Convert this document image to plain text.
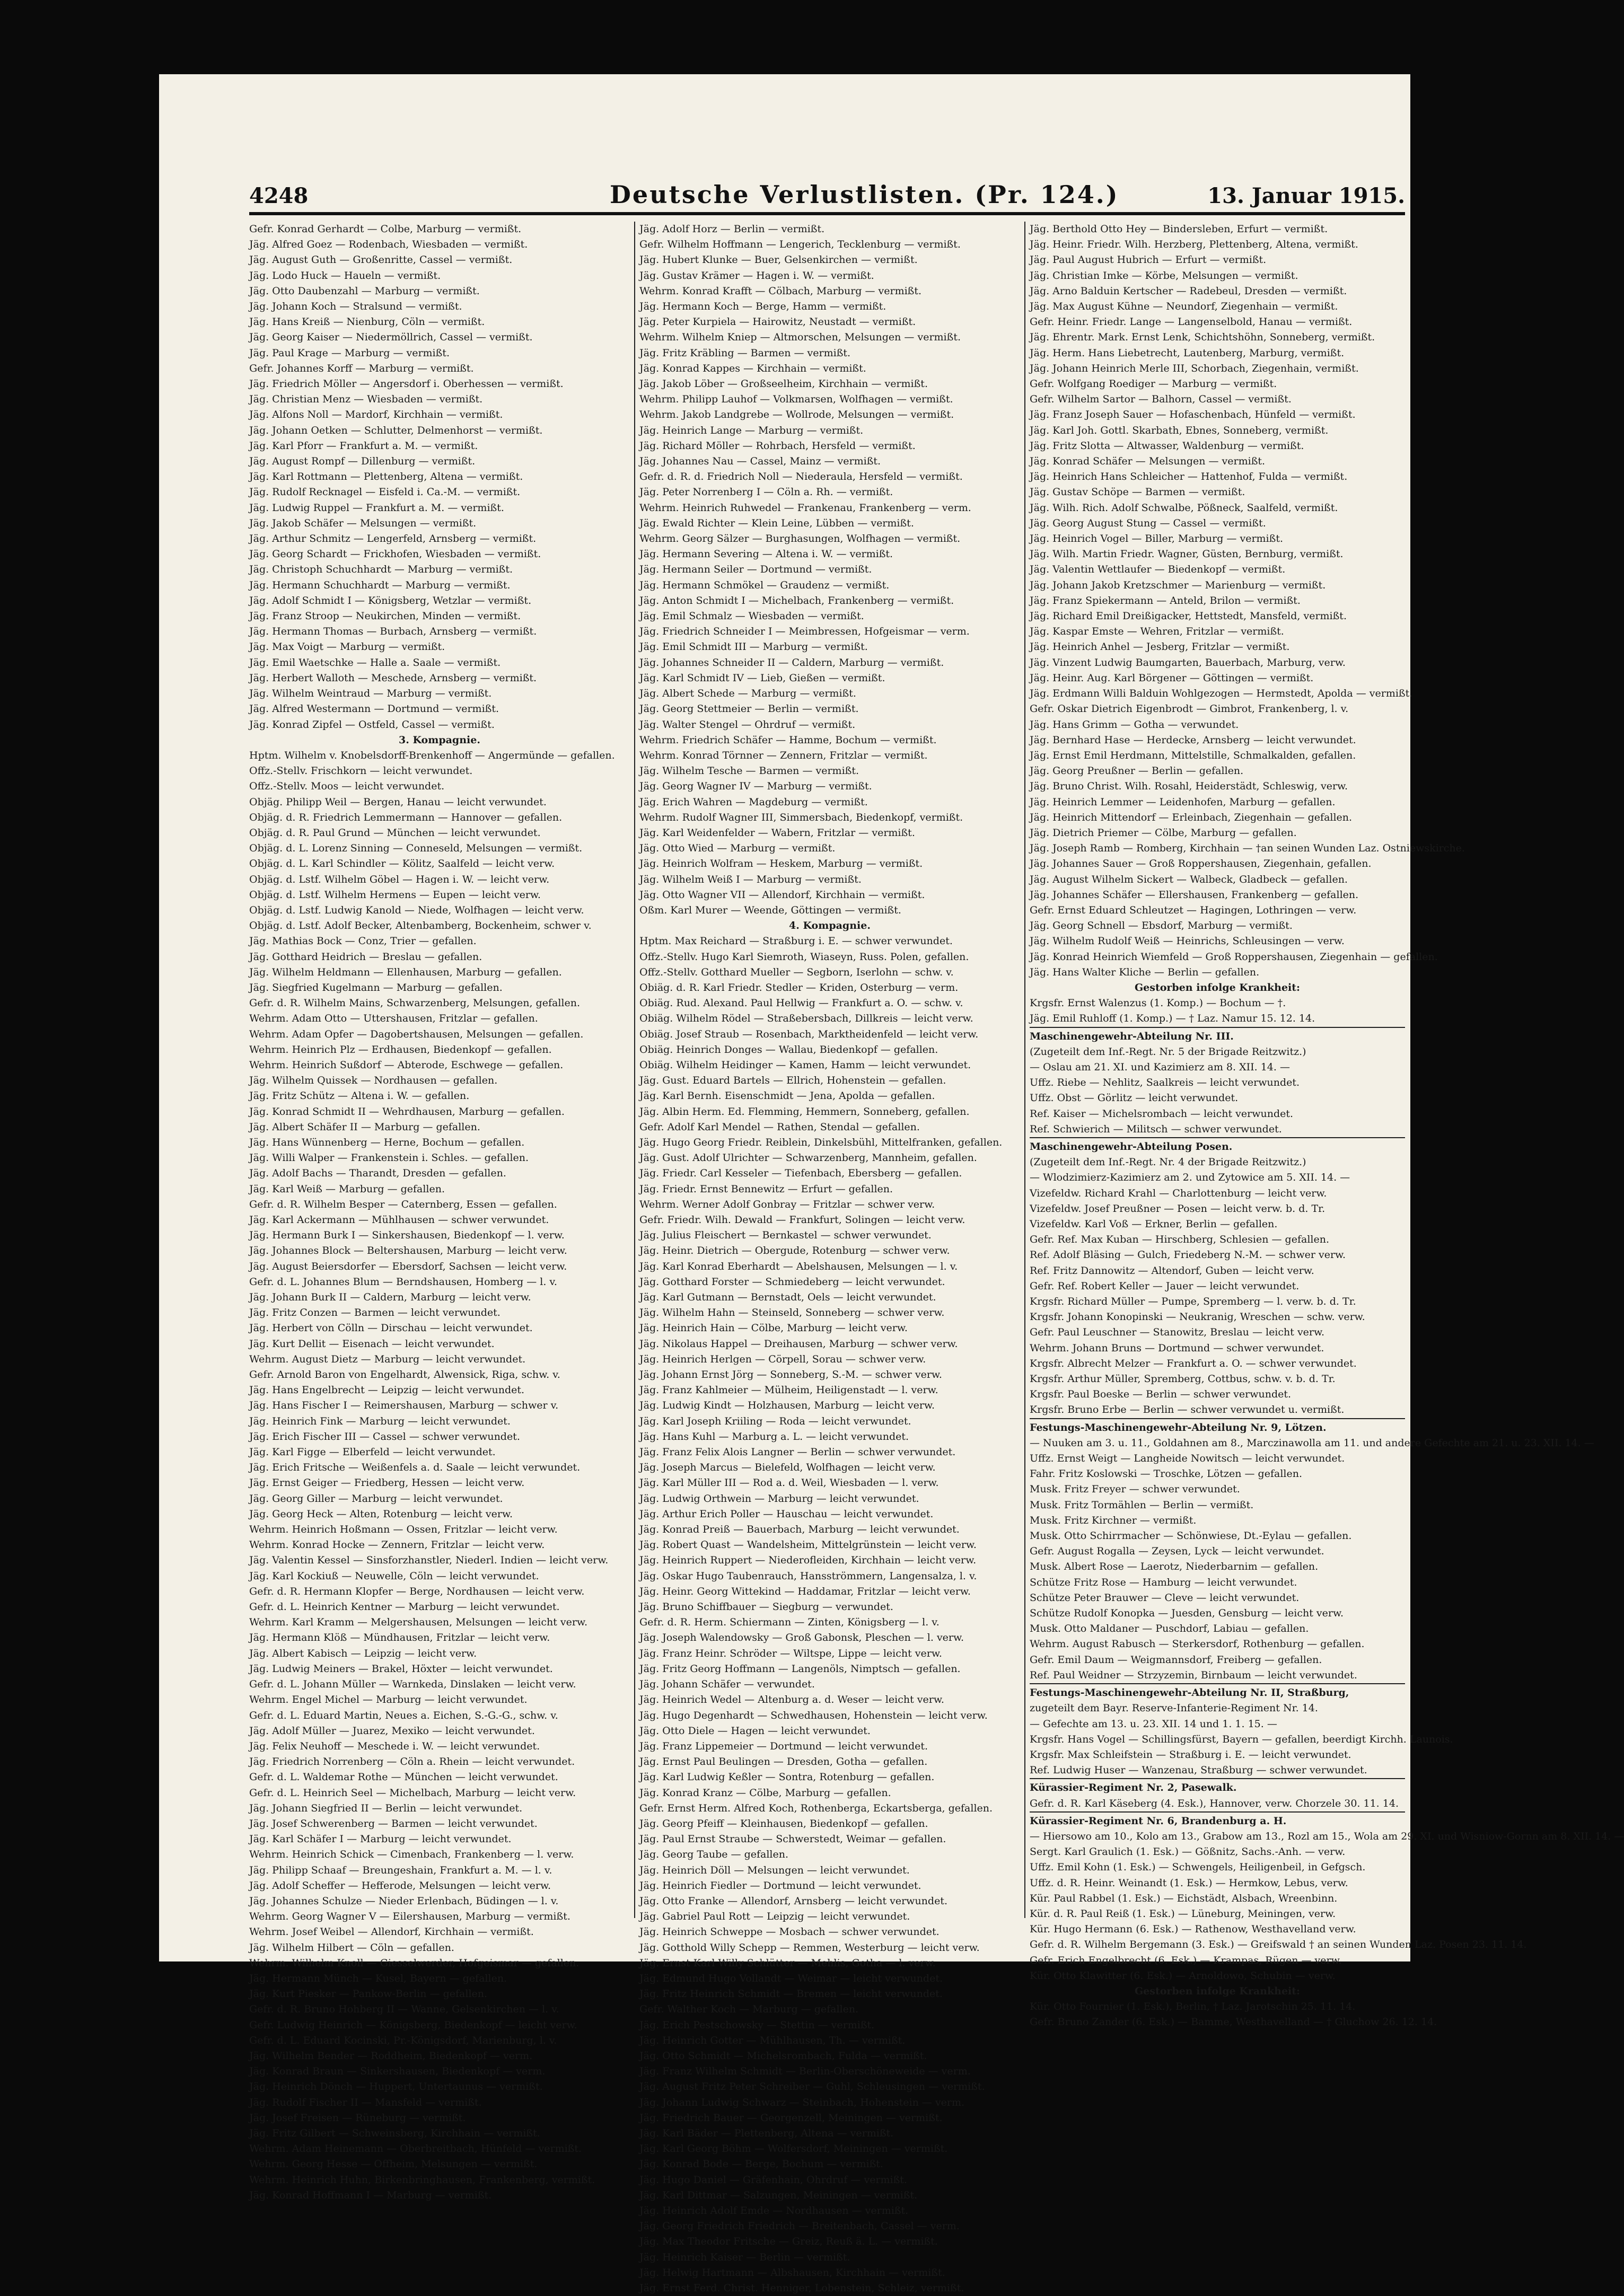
4248	Deutsche Verlustlisten. (Pr. 124.)	13. Januar 1915.
Gefr. Konrad Gerhardt — Colbe, Marburg — vermißt.
Jäg. Alfred Goez — Rodenbach, Wiesbaden — vermißt.
Jäg. August Guth — Großenritte, Cassel — vermißt.
Jäg. Lodo Huck — Haueln — vermißt.
Jäg. Otto Daubenzahl — Marburg — vermißt.
Jäg. Johann Koch — Stralsund — vermißt.
Jäg. Hans Kreiß — Nienburg, Cöln — vermißt.
Jäg. Georg Kaiser — Niedermöllrich, Cassel — vermißt.
Jäg. Paul Krage — Marburg — vermißt.
Gefr. Johannes Korff — Marburg — vermißt.
Jäg. Friedrich Möller — Angersdorf i. Oberhessen — vermißt.
Jäg. Christian Menz — Wiesbaden — vermißt.
Jäg. Alfons Noll — Mardorf, Kirchhain — vermißt.
Jäg. Johann Oetken — Schlutter, Delmenhorst — vermißt.
Jäg. Karl Pforr — Frankfurt a. M. — vermißt.
Jäg. August Rompf — Dillenburg — vermißt.
Jäg. Karl Rottmann — Plettenberg, Altena — vermißt.
Jäg. Rudolf Recknagel — Eisfeld i. Ca.-M. — vermißt.
Jäg. Ludwig Ruppel — Frankfurt a. M. — vermißt.
Jäg. Jakob Schäfer — Melsungen — vermißt.
Jäg. Arthur Schmitz — Lengerfeld, Arnsberg — vermißt.
Jäg. Georg Schardt — Frickhofen, Wiesbaden — vermißt.
Jäg. Christoph Schuchhardt — Marburg — vermißt.
Jäg. Hermann Schuchhardt — Marburg — vermißt.
Jäg. Adolf Schmidt I — Königsberg, Wetzlar — vermißt.
Jäg. Franz Stroop — Neukirchen, Minden — vermißt.
Jäg. Hermann Thomas — Burbach, Arnsberg — vermißt.
Jäg. Max Voigt — Marburg — vermißt.
Jäg. Emil Waetschke — Halle a. Saale — vermißt.
Jäg. Herbert Walloth — Meschede, Arnsberg — vermißt.
Jäg. Wilhelm Weintraud — Marburg — vermißt.
Jäg. Alfred Westermann — Dortmund — vermißt.
Jäg. Konrad Zipfel — Ostfeld, Cassel — vermißt.
3. Kompagnie.
Hptm. Wilhelm v. Knobelsdorff-Brenkenhoff — Angermünde — gefallen.
Offz.-Stellv. Frischkorn — leicht verwundet.
Offz.-Stellv. Moos — leicht verwundet.
Objäg. Philipp Weil — Bergen, Hanau — leicht verwundet.
Objäg. d. R. Friedrich Lemmermann — Hannover — gefallen.
Objäg. d. R. Paul Grund — München — leicht verwundet.
Objäg. d. L. Lorenz Sinning — Conneseld, Melsungen — vermißt.
Objäg. d. L. Karl Schindler — Kölitz, Saalfeld — leicht verw.
Objäg. d. Lstf. Wilhelm Göbel — Hagen i. W. — leicht verw.
Objäg. d. Lstf. Wilhelm Hermens — Eupen — leicht verw.
Objäg. d. Lstf. Ludwig Kanold — Niede, Wolfhagen — leicht verw.
Objäg. d. Lstf. Adolf Becker, Altenbamberg, Bockenheim, schwer v.
Jäg. Mathias Bock — Conz, Trier — gefallen.
Jäg. Gotthard Heidrich — Breslau — gefallen.
Jäg. Wilhelm Heldmann — Ellenhausen, Marburg — gefallen.
Jäg. Siegfried Kugelmann — Marburg — gefallen.
Gefr. d. R. Wilhelm Mains, Schwarzenberg, Melsungen, gefallen.
Wehrm. Adam Otto — Uttershausen, Fritzlar — gefallen.
Wehrm. Adam Opfer — Dagobertshausen, Melsungen — gefallen.
Wehrm. Heinrich Plz — Erdhausen, Biedenkopf — gefallen.
Wehrm. Heinrich Sußdorf — Abterode, Eschwege — gefallen.
Jäg. Wilhelm Quissek — Nordhausen — gefallen.
Jäg. Fritz Schütz — Altena i. W. — gefallen.
Jäg. Konrad Schmidt II — Wehrdhausen, Marburg — gefallen.
Jäg. Albert Schäfer II — Marburg — gefallen.
Jäg. Hans Wünnenberg — Herne, Bochum — gefallen.
Jäg. Willi Walper — Frankenstein i. Schles. — gefallen.
Jäg. Adolf Bachs — Tharandt, Dresden — gefallen.
Jäg. Karl Weiß — Marburg — gefallen.
Gefr. d. R. Wilhelm Besper — Caternberg, Essen — gefallen.
Jäg. Karl Ackermann — Mühlhausen — schwer verwundet.
Jäg. Hermann Burk I — Sinkershausen, Biedenkopf — l. verw.
Jäg. Johannes Block — Beltershausen, Marburg — leicht verw.
Jäg. August Beiersdorfer — Ebersdorf, Sachsen — leicht verw.
Gefr. d. L. Johannes Blum — Berndshausen, Homberg — l. v.
Jäg. Johann Burk II — Caldern, Marburg — leicht verw.
Jäg. Fritz Conzen — Barmen — leicht verwundet.
Jäg. Herbert von Cölln — Dirschau — leicht verwundet.
Jäg. Kurt Dellit — Eisenach — leicht verwundet.
Wehrm. August Dietz — Marburg — leicht verwundet.
Gefr. Arnold Baron von Engelhardt, Alwensick, Riga, schw. v.
Jäg. Hans Engelbrecht — Leipzig — leicht verwundet.
Jäg. Hans Fischer I — Reimershausen, Marburg — schwer v.
Jäg. Heinrich Fink — Marburg — leicht verwundet.
Jäg. Erich Fischer III — Cassel — schwer verwundet.
Jäg. Karl Figge — Elberfeld — leicht verwundet.
Jäg. Erich Fritsche — Weißenfels a. d. Saale — leicht verwundet.
Jäg. Ernst Geiger — Friedberg, Hessen — leicht verw.
Jäg. Georg Giller — Marburg — leicht verwundet.
Jäg. Georg Heck — Alten, Rotenburg — leicht verw.
Wehrm. Heinrich Hoßmann — Ossen, Fritzlar — leicht verw.
Wehrm. Konrad Hocke — Zennern, Fritzlar — leicht verw.
Jäg. Valentin Kessel — Sinsforzhanstler, Niederl. Indien — leicht verw.
Jäg. Karl Kockiuß — Neuwelle, Cöln — leicht verwundet.
Gefr. d. R. Hermann Klopfer — Berge, Nordhausen — leicht verw.
Gefr. d. L. Heinrich Kentner — Marburg — leicht verwundet.
Wehrm. Karl Kramm — Melgershausen, Melsungen — leicht verw.
Jäg. Hermann Klöß — Mündhausen, Fritzlar — leicht verw.
Jäg. Albert Kabisch — Leipzig — leicht verw.
Jäg. Ludwig Meiners — Brakel, Höxter — leicht verwundet.
Gefr. d. L. Johann Müller — Warnkeda, Dinslaken — leicht verw.
Wehrm. Engel Michel — Marburg — leicht verwundet.
Gefr. d. L. Eduard Martin, Neues a. Eichen, S.-G.-G., schw. v.
Jäg. Adolf Müller — Juarez, Mexiko — leicht verwundet.
Jäg. Felix Neuhoff — Meschede i. W. — leicht verwundet.
Jäg. Friedrich Norrenberg — Cöln a. Rhein — leicht verwundet.
Gefr. d. L. Waldemar Rothe — München — leicht verwundet.
Gefr. d. L. Heinrich Seel — Michelbach, Marburg — leicht verw.
Jäg. Johann Siegfried II — Berlin — leicht verwundet.
Jäg. Josef Schwerenberg — Barmen — leicht verwundet.
Jäg. Karl Schäfer I — Marburg — leicht verwundet.
Wehrm. Heinrich Schick — Cimenbach, Frankenberg — l. verw.
Jäg. Philipp Schaaf — Breungeshain, Frankfurt a. M. — l. v.
Jäg. Adolf Scheffer — Hefferode, Melsungen — leicht verw.
Jäg. Johannes Schulze — Nieder Erlenbach, Büdingen — l. v.
Wehrm. Georg Wagner V — Eilershausen, Marburg — vermißt.
Wehrm. Josef Weibel — Allendorf, Kirchhain — vermißt.
Jäg. Wilhelm Hilbert — Cöln — gefallen.
Wehrm. Wilhelm Knoll — Giesselwerder, Hofgeismar — gefallen.
Jäg. Hermann Münch — Kusel, Bayern — gefallen.
Jäg. Kurt Piesker — Pankow-Berlin — gefallen.
Gefr. d. R. Bruno Hohberg II — Wanne, Gelsenkirchen — l. v.
Gefr. Ludwig Heinrich — Königsberg, Biedenkopf — leicht verw.
Gefr. d. L. Eduard Kocinski, Pr.-Königsdorf, Marienburg, l. v.
Jäg. Wilhelm Bender — Roddheim, Biedenkopf — verm.
Jäg. Konrad Braun — Sinkershausen, Biedenkopf — verm.
Jäg. Heinrich Dönch — Huppert, Untertaunus — vermißt.
Jäg. Rudolf Fischer II — Mansfeld — vermißt.
Jäg. Josef Freisen — Rüneburg — vermißt.
Jäg. Fritz Gilbert — Schweinsberg, Kirchhain — vermißt.
Wehrm. Adam Heinemann — Oberbreitbach, Hünfeld — vermißt.
Wehrm. Georg Hesse — Offheim, Melsungen — vermißt.
Wehrm. Heinrich Huhn, Birkenbringhausen, Frankenberg, vermißt.
Jäg. Konrad Hoffmann I — Marburg — vermißt.
Jäg. Adolf Horz — Berlin — vermißt.
Gefr. Wilhelm Hoffmann — Lengerich, Tecklenburg — vermißt.
Jäg. Hubert Klunke — Buer, Gelsenkirchen — vermißt.
Jäg. Gustav Krämer — Hagen i. W. — vermißt.
Wehrm. Konrad Krafft — Cölbach, Marburg — vermißt.
Jäg. Hermann Koch — Berge, Hamm — vermißt.
Jäg. Peter Kurpiela — Hairowitz, Neustadt — vermißt.
Wehrm. Wilhelm Kniep — Altmorschen, Melsungen — vermißt.
Jäg. Fritz Kräbling — Barmen — vermißt.
Jäg. Konrad Kappes — Kirchhain — vermißt.
Jäg. Jakob Löber — Großseelheim, Kirchhain — vermißt.
Wehrm. Philipp Lauhof — Volkmarsen, Wolfhagen — vermißt.
Wehrm. Jakob Landgrebe — Wollrode, Melsungen — vermißt.
Jäg. Heinrich Lange — Marburg — vermißt.
Jäg. Richard Möller — Rohrbach, Hersfeld — vermißt.
Jäg. Johannes Nau — Cassel, Mainz — vermißt.
Gefr. d. R. d. Friedrich Noll — Niederaula, Hersfeld — vermißt.
Jäg. Peter Norrenberg I — Cöln a. Rh. — vermißt.
Wehrm. Heinrich Ruhwedel — Frankenau, Frankenberg — verm.
Jäg. Ewald Richter — Klein Leine, Lübben — vermißt.
Wehrm. Georg Sälzer — Burghasungen, Wolfhagen — vermißt.
Jäg. Hermann Severing — Altena i. W. — vermißt.
Jäg. Hermann Seiler — Dortmund — vermißt.
Jäg. Hermann Schmökel — Graudenz — vermißt.
Jäg. Anton Schmidt I — Michelbach, Frankenberg — vermißt.
Jäg. Emil Schmalz — Wiesbaden — vermißt.
Jäg. Friedrich Schneider I — Meimbressen, Hofgeismar — verm.
Jäg. Emil Schmidt III — Marburg — vermißt.
Jäg. Johannes Schneider II — Caldern, Marburg — vermißt.
Jäg. Karl Schmidt IV — Lieb, Gießen — vermißt.
Jäg. Albert Schede — Marburg — vermißt.
Jäg. Georg Stettmeier — Berlin — vermißt.
Jäg. Walter Stengel — Ohrdruf — vermißt.
Wehrm. Friedrich Schäfer — Hamme, Bochum — vermißt.
Wehrm. Konrad Törnner — Zennern, Fritzlar — vermißt.
Jäg. Wilhelm Tesche — Barmen — vermißt.
Jäg. Georg Wagner IV — Marburg — vermißt.
Jäg. Erich Wahren — Magdeburg — vermißt.
Wehrm. Rudolf Wagner III, Simmersbach, Biedenkopf, vermißt.
Jäg. Karl Weidenfelder — Wabern, Fritzlar — vermißt.
Jäg. Otto Wied — Marburg — vermißt.
Jäg. Heinrich Wolfram — Heskem, Marburg — vermißt.
Jäg. Wilhelm Weiß I — Marburg — vermißt.
Jäg. Otto Wagner VII — Allendorf, Kirchhain — vermißt.
Oßm. Karl Murer — Weende, Göttingen — vermißt.
4. Kompagnie.
Hptm. Max Reichard — Straßburg i. E. — schwer verwundet.
Offz.-Stellv. Hugo Karl Siemroth, Wiaseyn, Russ. Polen, gefallen.
Offz.-Stellv. Gotthard Mueller — Segborn, Iserlohn — schw. v.
Obiäg. d. R. Karl Friedr. Stedler — Kriden, Osterburg — verm.
Obiäg. Rud. Alexand. Paul Hellwig — Frankfurt a. O. — schw. v.
Obiäg. Wilhelm Rödel — Straßebersbach, Dillkreis — leicht verw.
Obiäg. Josef Straub — Rosenbach, Marktheidenfeld — leicht verw.
Obiäg. Heinrich Donges — Wallau, Biedenkopf — gefallen.
Obiäg. Wilhelm Heidinger — Kamen, Hamm — leicht verwundet.
Jäg. Gust. Eduard Bartels — Ellrich, Hohenstein — gefallen.
Jäg. Karl Bernh. Eisenschmidt — Jena, Apolda — gefallen.
Jäg. Albin Herm. Ed. Flemming, Hemmern, Sonneberg, gefallen.
Gefr. Adolf Karl Mendel — Rathen, Stendal — gefallen.
Jäg. Hugo Georg Friedr. Reiblein, Dinkelsbühl, Mittelfranken, gefallen.
Jäg. Gust. Adolf Ulrichter — Schwarzenberg, Mannheim, gefallen.
Jäg. Friedr. Carl Kesseler — Tiefenbach, Ebersberg — gefallen.
Jäg. Friedr. Ernst Bennewitz — Erfurt — gefallen.
Wehrm. Werner Adolf Gonbray — Fritzlar — schwer verw.
Gefr. Friedr. Wilh. Dewald — Frankfurt, Solingen — leicht verw.
Jäg. Julius Fleischert — Bernkastel — schwer verwundet.
Jäg. Heinr. Dietrich — Obergude, Rotenburg — schwer verw.
Jäg. Karl Konrad Eberhardt — Abelshausen, Melsungen — l. v.
Jäg. Gotthard Forster — Schmiedeberg — leicht verwundet.
Jäg. Karl Gutmann — Bernstadt, Oels — leicht verwundet.
Jäg. Wilhelm Hahn — Steinseld, Sonneberg — schwer verw.
Jäg. Heinrich Hain — Cölbe, Marburg — leicht verw.
Jäg. Nikolaus Happel — Dreihausen, Marburg — schwer verw.
Jäg. Heinrich Herlgen — Cörpell, Sorau — schwer verw.
Jäg. Johann Ernst Jörg — Sonneberg, S.-M. — schwer verw.
Jäg. Franz Kahlmeier — Mülheim, Heiligenstadt — l. verw.
Jäg. Ludwig Kindt — Holzhausen, Marburg — leicht verw.
Jäg. Karl Joseph Kriiling — Roda — leicht verwundet.
Jäg. Hans Kuhl — Marburg a. L. — leicht verwundet.
Jäg. Franz Felix Alois Langner — Berlin — schwer verwundet.
Jäg. Joseph Marcus — Bielefeld, Wolfhagen — leicht verw.
Jäg. Karl Müller III — Rod a. d. Weil, Wiesbaden — l. verw.
Jäg. Ludwig Orthwein — Marburg — leicht verwundet.
Jäg. Arthur Erich Poller — Hauschau — leicht verwundet.
Jäg. Konrad Preiß — Bauerbach, Marburg — leicht verwundet.
Jäg. Robert Quast — Wandelsheim, Mittelgrünstein — leicht verw.
Jäg. Heinrich Ruppert — Niederofleiden, Kirchhain — leicht verw.
Jäg. Oskar Hugo Taubenrauch, Hansströmmern, Langensalza, l. v.
Jäg. Heinr. Georg Wittekind — Haddamar, Fritzlar — leicht verw.
Jäg. Bruno Schiffbauer — Siegburg — verwundet.
Gefr. d. R. Herm. Schiermann — Zinten, Königsberg — l. v.
Jäg. Joseph Walendowsky — Groß Gabonsk, Pleschen — l. verw.
Jäg. Franz Heinr. Schröder — Wiltspe, Lippe — leicht verw.
Jäg. Fritz Georg Hoffmann — Langenöls, Nimptsch — gefallen.
Jäg. Johann Schäfer — verwundet.
Jäg. Heinrich Wedel — Altenburg a. d. Weser — leicht verw.
Jäg. Hugo Degenhardt — Schwedhausen, Hohenstein — leicht verw.
Jäg. Otto Diele — Hagen — leicht verwundet.
Jäg. Franz Lippemeier — Dortmund — leicht verwundet.
Jäg. Ernst Paul Beulingen — Dresden, Gotha — gefallen.
Jäg. Karl Ludwig Keßler — Sontra, Rotenburg — gefallen.
Jäg. Konrad Kranz — Cölbe, Marburg — gefallen.
Gefr. Ernst Herm. Alfred Koch, Rothenberga, Eckartsberga, gefallen.
Jäg. Georg Pfeiff — Kleinhausen, Biedenkopf — gefallen.
Jäg. Paul Ernst Straube — Schwerstedt, Weimar — gefallen.
Jäg. Georg Taube — gefallen.
Jäg. Heinrich Döll — Melsungen — leicht verwundet.
Jäg. Heinrich Fiedler — Dortmund — leicht verwundet.
Jäg. Otto Franke — Allendorf, Arnsberg — leicht verwundet.
Jäg. Gabriel Paul Rott — Leipzig — leicht verwundet.
Jäg. Heinrich Schweppe — Mosbach — schwer verwundet.
Jäg. Gotthold Willy Schepp — Remmen, Westerburg — leicht verw.
Jäg. Ernst Karl Willy Schlütter — Mehlis, Gotha — l. verw.
Jäg. Edmund Hugo Vollandt — Weimar — leicht verwundet.
Jäg. Fritz Heinrich Schmidt — Bremen — leicht verwundet.
Gefr. Walther Koch — Marburg — gefallen.
Jäg. Erich Pestschowsky — Stettin — vermißt.
Jäg. Heinrich Gotter — Mühlhausen, Th. — vermißt.
Jäg. Otto Schmidt — Michelsrombach, Fulda — vermißt.
Jäg. Franz Wilhelm Schmidt — Berlin-Oberschöneweide — verm.
Jäg. August Fritz Peter Schreiber — Guhl, Schleusingen — vermißt.
Jäg. Johann Ludwig Schwarz — Steinbach, Hohenstein — verm.
Jäg. Friedrich Bauer — Georgenzell, Meiningen — vermißt.
Jäg. Karl Bäder — Plettenberg, Altena — vermißt.
Jäg. Karl Georg Böhm — Wolfersdorf, Meiningen — vermißt.
Jäg. Konrad Bode — Berge, Bochum — vermißt.
Jäg. Hugo Daniel — Gräfenhain, Ohrdruf — vermißt.
Jäg. Karl Dittmar — Salzungen, Meiningen — vermißt.
Jäg. Heinrich Adolf Emde — Nordhausen — vermißt.
Jäg. Georg Friedrich Friedrich — Breitenbach, Cassel — verm.
Jäg. Max Theodor Fritsche — Greiz, Reuß ä. L. — vermißt.
Jäg. Heinrich Kaiser — Berlin — vermißt.
Jäg. Helwig Hartmann — Albshausen, Kirchhain — vermißt.
Jäg. Ernst Ferd. Christ. Henniger, Lobenstein, Schleiz, vermißt.
Jäg. Berthold Otto Hey — Bindersleben, Erfurt — vermißt.
Jäg. Heinr. Friedr. Wilh. Herzberg, Plettenberg, Altena, vermißt.
Jäg. Paul August Hubrich — Erfurt — vermißt.
Jäg. Christian Imke — Körbe, Melsungen — vermißt.
Jäg. Arno Balduin Kertscher — Radebeul, Dresden — vermißt.
Jäg. Max August Kühne — Neundorf, Ziegenhain — vermißt.
Gefr. Heinr. Friedr. Lange — Langenselbold, Hanau — vermißt.
Jäg. Ehrentr. Mark. Ernst Lenk, Schichtshöhn, Sonneberg, vermißt.
Jäg. Herm. Hans Liebetrecht, Lautenberg, Marburg, vermißt.
Jäg. Johann Heinrich Merle III, Schorbach, Ziegenhain, vermißt.
Gefr. Wolfgang Roediger — Marburg — vermißt.
Gefr. Wilhelm Sartor — Balhorn, Cassel — vermißt.
Jäg. Franz Joseph Sauer — Hofaschenbach, Hünfeld — vermißt.
Jäg. Karl Joh. Gottl. Skarbath, Ebnes, Sonneberg, vermißt.
Jäg. Fritz Slotta — Altwasser, Waldenburg — vermißt.
Jäg. Konrad Schäfer — Melsungen — vermißt.
Jäg. Heinrich Hans Schleicher — Hattenhof, Fulda — vermißt.
Jäg. Gustav Schöpe — Barmen — vermißt.
Jäg. Wilh. Rich. Adolf Schwalbe, Pößneck, Saalfeld, vermißt.
Jäg. Georg August Stung — Cassel — vermißt.
Jäg. Heinrich Vogel — Biller, Marburg — vermißt.
Jäg. Wilh. Martin Friedr. Wagner, Güsten, Bernburg, vermißt.
Jäg. Valentin Wettlaufer — Biedenkopf — vermißt.
Jäg. Johann Jakob Kretzschmer — Marienburg — vermißt.
Jäg. Franz Spiekermann — Anteld, Brilon — vermißt.
Jäg. Richard Emil Dreißigacker, Hettstedt, Mansfeld, vermißt.
Jäg. Kaspar Emste — Wehren, Fritzlar — vermißt.
Jäg. Heinrich Anhel — Jesberg, Fritzlar — vermißt.
Jäg. Vinzent Ludwig Baumgarten, Bauerbach, Marburg, verw.
Jäg. Heinr. Aug. Karl Börgener — Göttingen — vermißt.
Jäg. Erdmann Willi Balduin Wohlgezogen — Hermstedt, Apolda — vermißt.
Gefr. Oskar Dietrich Eigenbrodt — Gimbrot, Frankenberg, l. v.
Jäg. Hans Grimm — Gotha — verwundet.
Jäg. Bernhard Hase — Herdecke, Arnsberg — leicht verwundet.
Jäg. Ernst Emil Herdmann, Mittelstille, Schmalkalden, gefallen.
Jäg. Georg Preußner — Berlin — gefallen.
Jäg. Bruno Christ. Wilh. Rosahl, Heiderstädt, Schleswig, verw.
Jäg. Heinrich Lemmer — Leidenhofen, Marburg — gefallen.
Jäg. Heinrich Mittendorf — Erleinbach, Ziegenhain — gefallen.
Jäg. Dietrich Priemer — Cölbe, Marburg — gefallen.
Jäg. Joseph Ramb — Romberg, Kirchhain — †an seinen Wunden Laz. Ostniewskirche.
Jäg. Johannes Sauer — Groß Roppershausen, Ziegenhain, gefallen.
Jäg. August Wilhelm Sickert — Walbeck, Gladbeck — gefallen.
Jäg. Johannes Schäfer — Ellershausen, Frankenberg — gefallen.
Gefr. Ernst Eduard Schleutzet — Hagingen, Lothringen — verw.
Jäg. Georg Schnell — Ebsdorf, Marburg — vermißt.
Jäg. Wilhelm Rudolf Weiß — Heinrichs, Schleusingen — verw.
Jäg. Konrad Heinrich Wiemfeld — Groß Roppershausen, Ziegenhain — gefallen.
Jäg. Hans Walter Kliche — Berlin — gefallen.
Gestorben infolge Krankheit:
Krgsfr. Ernst Walenzus (1. Komp.) — Bochum — †.
Jäg. Emil Ruhloff (1. Komp.) — † Laz. Namur 15. 12. 14.
Maschinengewehr-Abteilung Nr. III.
(Zugeteilt dem Inf.-Regt. Nr. 5 der Brigade Reitzwitz.)
— Oslau am 21. XI. und Kazimierz am 8. XII. 14. —
Uffz. Riebe — Nehlitz, Saalkreis — leicht verwundet.
Uffz. Obst — Görlitz — leicht verwundet.
Ref. Kaiser — Michelsrombach — leicht verwundet.
Ref. Schwierich — Militsch — schwer verwundet.
Maschinengewehr-Abteilung Posen.
(Zugeteilt dem Inf.-Regt. Nr. 4 der Brigade Reitzwitz.)
— Wlodzimierz-Kazimierz am 2. und Zytowice am 5. XII. 14. —
Vizefeldw. Richard Krahl — Charlottenburg — leicht verw.
Vizefeldw. Josef Preußner — Posen — leicht verw. b. d. Tr.
Vizefeldw. Karl Voß — Erkner, Berlin — gefallen.
Gefr. Ref. Max Kuban — Hirschberg, Schlesien — gefallen.
Ref. Adolf Bläsing — Gulch, Friedeberg N.-M. — schwer verw.
Ref. Fritz Dannowitz — Altendorf, Guben — leicht verw.
Gefr. Ref. Robert Keller — Jauer — leicht verwundet.
Krgsfr. Richard Müller — Pumpe, Spremberg — l. verw. b. d. Tr.
Krgsfr. Johann Konopinski — Neukranig, Wreschen — schw. verw.
Gefr. Paul Leuschner — Stanowitz, Breslau — leicht verw.
Wehrm. Johann Bruns — Dortmund — schwer verwundet.
Krgsfr. Albrecht Melzer — Frankfurt a. O. — schwer verwundet.
Krgsfr. Arthur Müller, Spremberg, Cottbus, schw. v. b. d. Tr.
Krgsfr. Paul Boeske — Berlin — schwer verwundet.
Krgsfr. Bruno Erbe — Berlin — schwer verwundet u. vermißt.
Festungs-Maschinengewehr-Abteilung Nr. 9, Lötzen.
— Nuuken am 3. u. 11., Goldahnen am 8., Marczinawolla am 11. und andere Gefechte am 21. u. 23. XII. 14. —
Uffz. Ernst Weigt — Langheide Nowitsch — leicht verwundet.
Fahr. Fritz Koslowski — Troschke, Lötzen — gefallen.
Musk. Fritz Freyer — schwer verwundet.
Musk. Fritz Tormählen — Berlin — vermißt.
Musk. Fritz Kirchner — vermißt.
Musk. Otto Schirrmacher — Schönwiese, Dt.-Eylau — gefallen.
Gefr. August Rogalla — Zeysen, Lyck — leicht verwundet.
Musk. Albert Rose — Laerotz, Niederbarnim — gefallen.
Schütze Fritz Rose — Hamburg — leicht verwundet.
Schütze Peter Brauwer — Cleve — leicht verwundet.
Schütze Rudolf Konopka — Juesden, Gensburg — leicht verw.
Musk. Otto Maldaner — Puschdorf, Labiau — gefallen.
Wehrm. August Rabusch — Sterkersdorf, Rothenburg — gefallen.
Gefr. Emil Daum — Weigmannsdorf, Freiberg — gefallen.
Ref. Paul Weidner — Strzyzemin, Birnbaum — leicht verwundet.
Festungs-Maschinengewehr-Abteilung Nr. II, Straßburg,
zugeteilt dem Bayr. Reserve-Infanterie-Regiment Nr. 14.
— Gefechte am 13. u. 23. XII. 14 und 1. 1. 15. —
Krgsfr. Hans Vogel — Schillingsfürst, Bayern — gefallen, beerdigt Kirchh. Launois.
Krgsfr. Max Schleifstein — Straßburg i. E. — leicht verwundet.
Ref. Ludwig Huser — Wanzenau, Straßburg — schwer verwundet.
Kürassier-Regiment Nr. 2, Pasewalk.
Gefr. d. R. Karl Käseberg (4. Esk.), Hannover, verw. Chorzele 30. 11. 14.
Kürassier-Regiment Nr. 6, Brandenburg a. H.
— Hiersowo am 10., Kolo am 13., Grabow am 13., Rozl am 15., Wola am 29. XI. und Wisniow-Gornn am 8. XII. 14. —
Sergt. Karl Graulich (1. Esk.) — Gößnitz, Sachs.-Anh. — verw.
Uffz. Emil Kohn (1. Esk.) — Schwengels, Heiligenbeil, in Gefgsch.
Uffz. d. R. Heinr. Weinandt (1. Esk.) — Hermkow, Lebus, verw.
Kür. Paul Rabbel (1. Esk.) — Eichstädt, Alsbach, Wreenbinn.
Kür. d. R. Paul Reiß (1. Esk.) — Lüneburg, Meiningen, verw.
Kür. Hugo Hermann (6. Esk.) — Rathenow, Westhavelland verw.
Gefr. d. R. Wilhelm Bergemann (3. Esk.) — Greifswald † an seinen Wunden Laz. Posen 23. 11. 14.
Gefr. Erich Engelbrecht (6. Esk.) — Krampas, Rügen — verw.
Kür. Otto Klawitter (6. Esk.) — Arnoldowo, Schubin — verw.
Gestorben infolge Krankheit:
Kür. Otto Fournier (1. Esk.), Berlin, † Laz. Jarotschin 25. 11. 14.
Gefr. Bruno Zander (6. Esk.) — Bamme, Westhavelland — † Gluchow 26. 12. 14.
